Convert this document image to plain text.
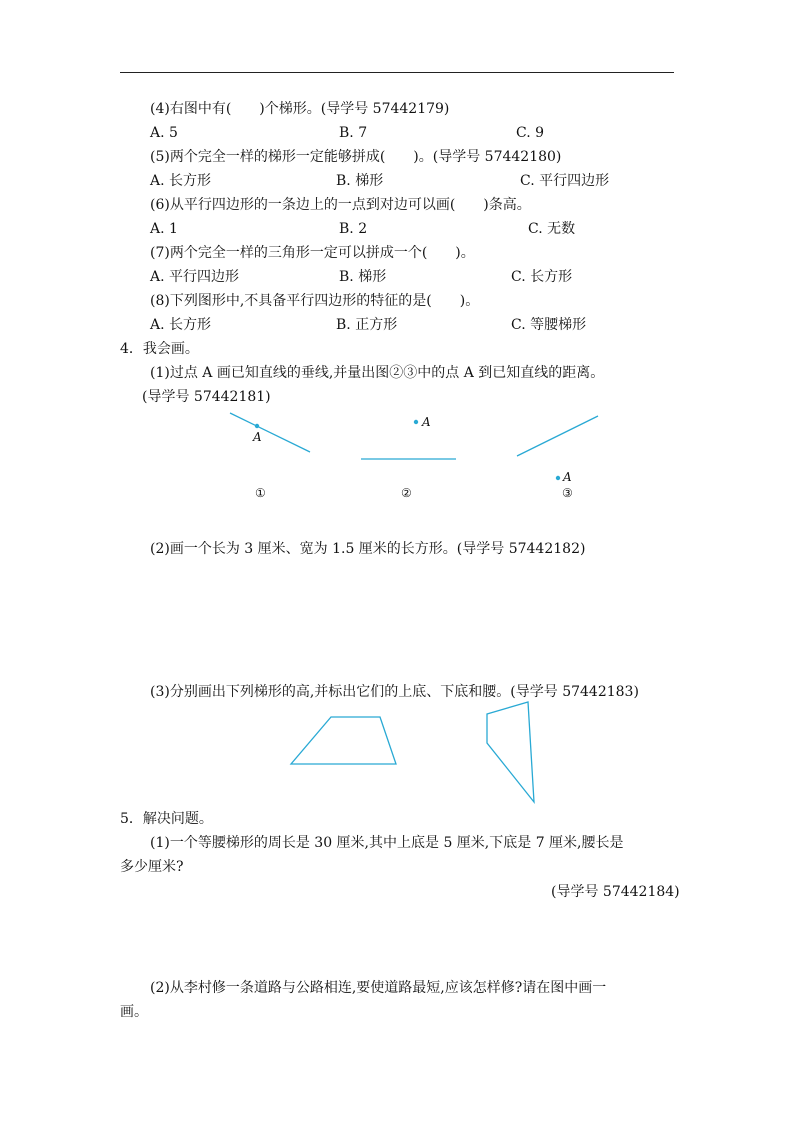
(4)右图中有(　　)个梯形。(导学号 57442179)
A. 5	B. 7	C. 9
(5)两个完全一样的梯形一定能够拼成(　　)。(导学号 57442180)
A. 长方形	B. 梯形	C. 平行四边形
(6)从平行四边形的一条边上的一点到对边可以画(　　)条高。
A. 1	B. 2	C. 无数
(7)两个完全一样的三角形一定可以拼成一个(　　)。
A. 平行四边形	B. 梯形	C. 长方形
(8)下列图形中,不具备平行四边形的特征的是(　　)。
A. 长方形	B. 正方形	C. 等腰梯形
4．我会画。
(1)过点 A 画已知直线的垂线,并量出图②③中的点 A 到已知直线的距离。
(导学号 57442181)
A
A
A
①	②	③
(2)画一个长为 3 厘米、宽为 1.5 厘米的长方形。(导学号 57442182)
(3)分别画出下列梯形的高,并标出它们的上底、下底和腰。(导学号 57442183)
5．解决问题。
(1)一个等腰梯形的周长是 30 厘米,其中上底是 5 厘米,下底是 7 厘米,腰长是
多少厘米?
(导学号 57442184)
(2)从李村修一条道路与公路相连,要使道路最短,应该怎样修?请在图中画一
画。
